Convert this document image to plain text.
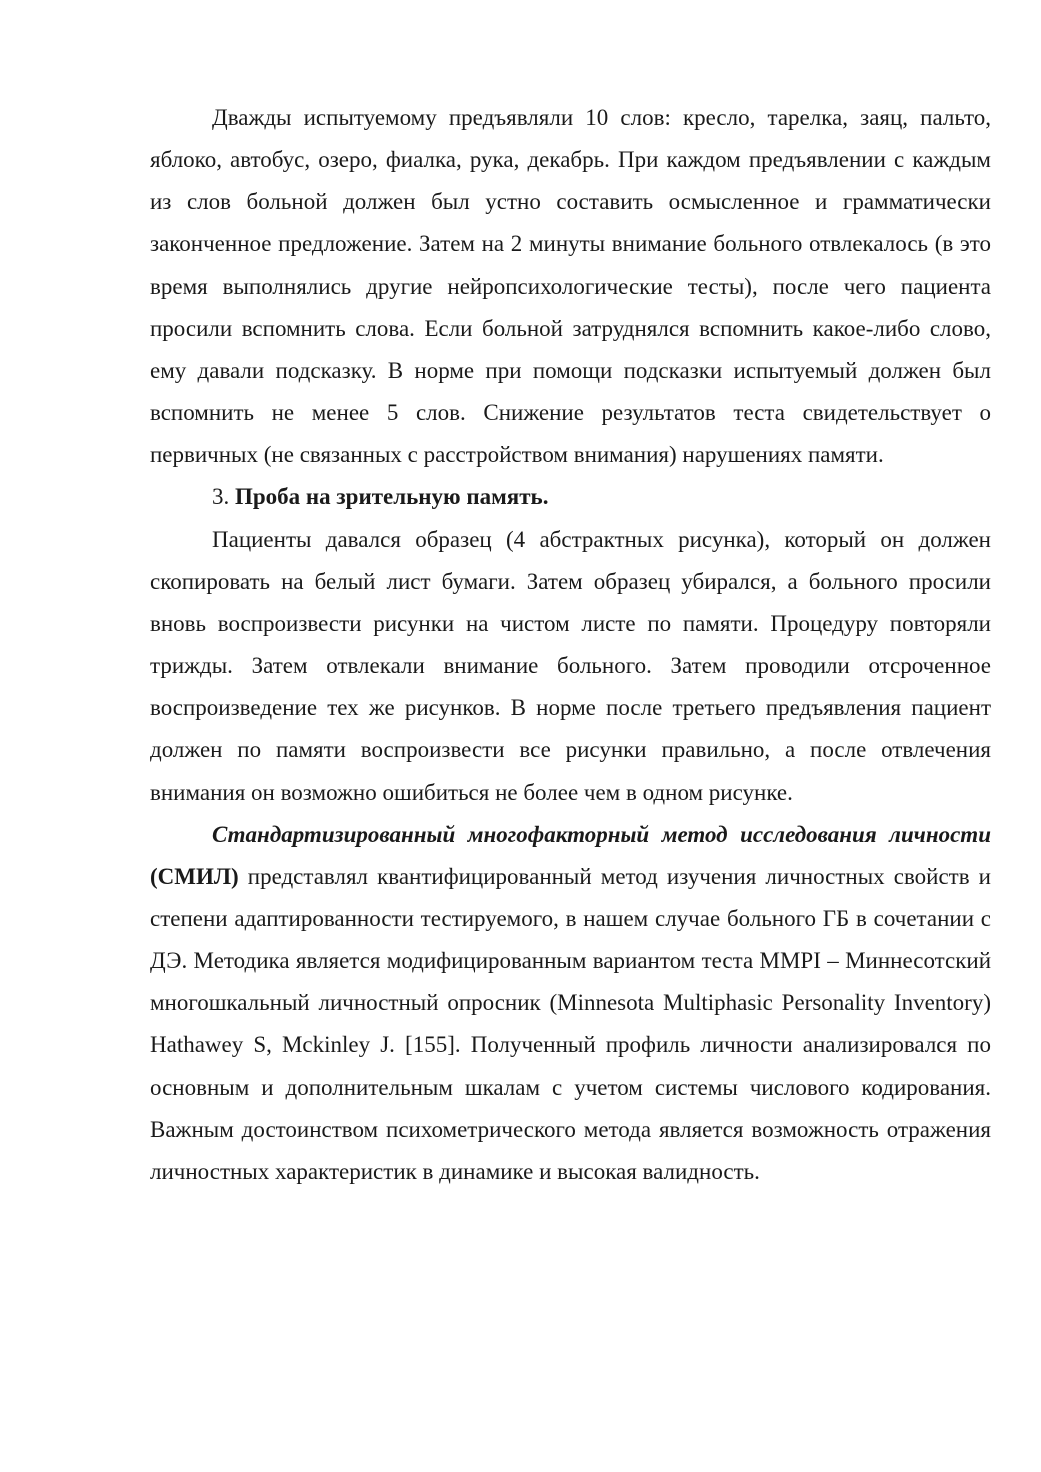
Дважды испытуемому предъявляли 10 слов: кресло, тарелка, заяц, пальто, яблоко, автобус, озеро, фиалка, рука, декабрь. При каждом предъявлении с каждым из слов больной должен был устно составить осмысленное и грамматически законченное предложение. Затем на 2 минуты внимание больного отвлекалось (в это время выполнялись другие нейропсихологические тесты), после чего пациента просили вспомнить слова. Если больной затруднялся вспомнить какое-либо слово, ему давали подсказку. В норме при помощи подсказки испытуемый должен был вспомнить не менее 5 слов. Снижение результатов теста свидетельствует о первичных (не связанных с расстройством внимания) нарушениях памяти.

3. Проба на зрительную память.

Пациенты давался образец (4 абстрактных рисунка), который он должен скопировать на белый лист бумаги. Затем образец убирался, а больного просили вновь воспроизвести рисунки на чистом листе по памяти. Процедуру повторяли трижды. Затем отвлекали внимание больного. Затем проводили отсроченное воспроизведение тех же рисунков. В норме после третьего предъявления пациент должен по памяти воспроизвести все рисунки правильно, а после отвлечения внимания он возможно ошибиться не более чем в одном рисунке.

Стандартизированный многофакторный метод исследования личности (СМИЛ) представлял квантифицированный метод изучения личностных свойств и степени адаптированности тестируемого, в нашем случае больного ГБ в сочетании с ДЭ. Методика является модифицированным вариантом теста MMPI – Миннесотский многошкальный личностный опросник (Minnesota Multiphasic Personality Inventory) Hathawey S, Mckinley J. [155]. Полученный профиль личности анализировался по основным и дополнительным шкалам с учетом системы числового кодирования. Важным достоинством психометрического метода является возможность отражения личностных характеристик в динамике и высокая валидность.
